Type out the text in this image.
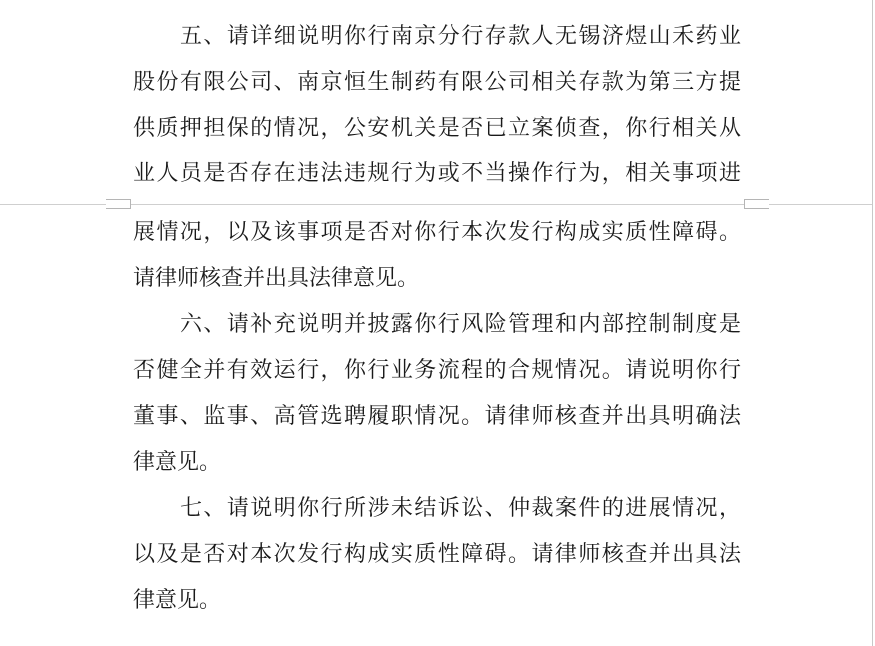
五、请详细说明你行南京分行存款人无锡济煜山禾药业
股份有限公司、南京恒生制药有限公司相关存款为第三方提
供质押担保的情况，公安机关是否已立案侦查，你行相关从
业人员是否存在违法违规行为或不当操作行为，相关事项进
展情况，以及该事项是否对你行本次发行构成实质性障碍。
请律师核查并出具法律意见。
六、请补充说明并披露你行风险管理和内部控制制度是
否健全并有效运行，你行业务流程的合规情况。请说明你行
董事、监事、高管选聘履职情况。请律师核查并出具明确法
律意见。
七、请说明你行所涉未结诉讼、仲裁案件的进展情况，
以及是否对本次发行构成实质性障碍。请律师核查并出具法
律意见。
